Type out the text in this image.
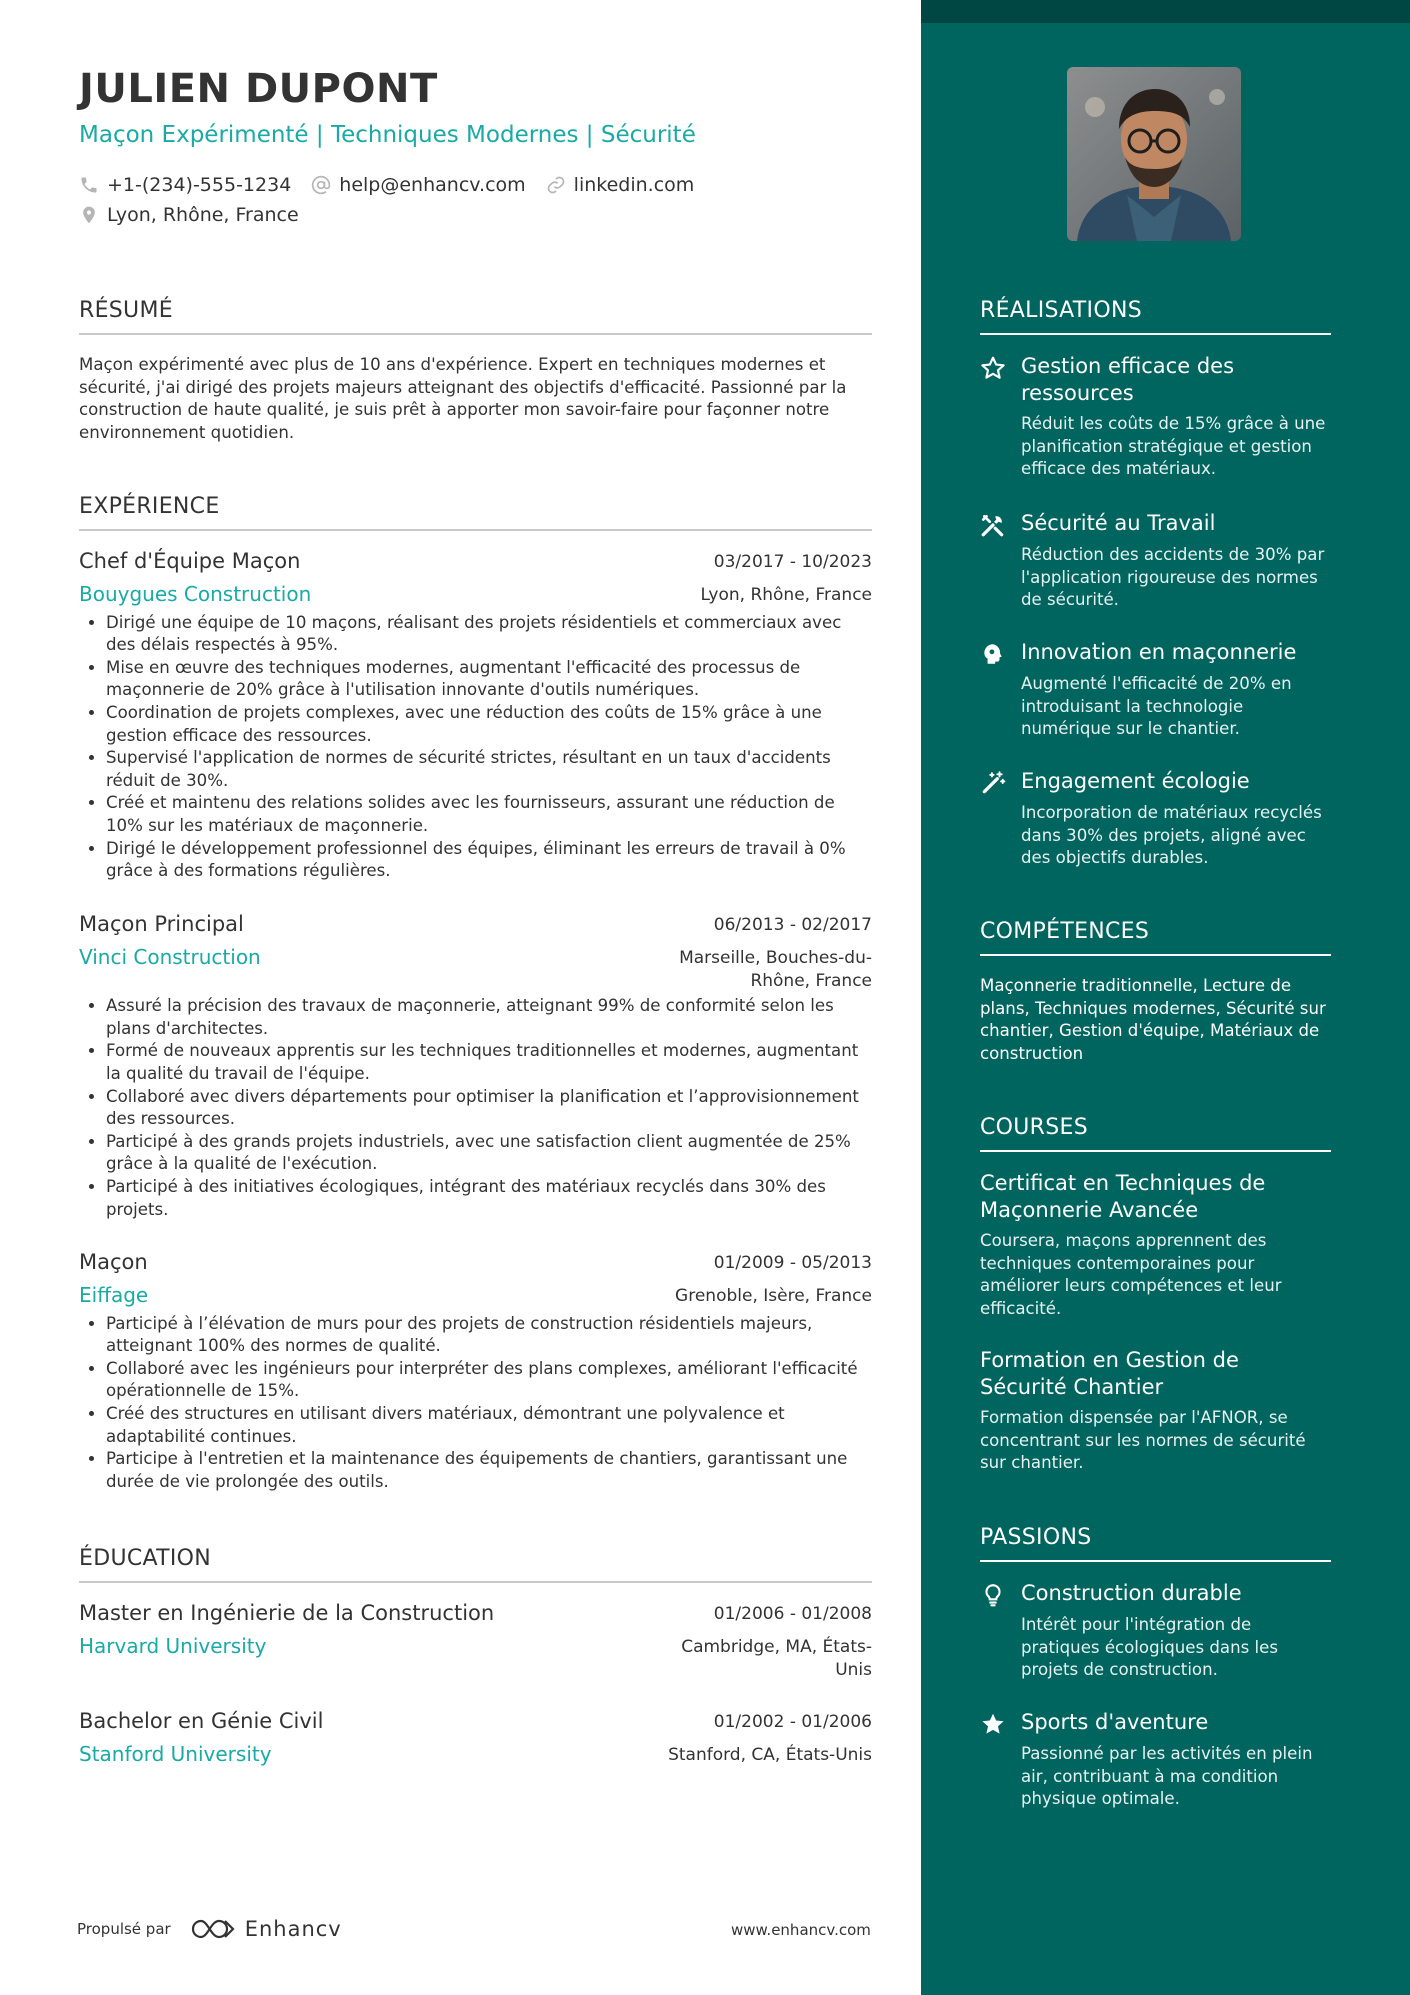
JULIEN DUPONT
Maçon Expérimenté | Techniques Modernes | Sécurité
+1-(234)-555-1234	help@enhancv.com	linkedin.com
Lyon, Rhône, France
RÉSUMÉ
Maçon expérimenté avec plus de 10 ans d'expérience. Expert en techniques modernes et sécurité, j'ai dirigé des projets majeurs atteignant des objectifs d'efficacité. Passionné par la construction de haute qualité, je suis prêt à apporter mon savoir-faire pour façonner notre environnement quotidien.
EXPÉRIENCE
Chef d'Équipe Maçon	03/2017 - 10/2023
Bouygues Construction	Lyon, Rhône, France
• Dirigé une équipe de 10 maçons, réalisant des projets résidentiels et commerciaux avec des délais respectés à 95%.
• Mise en œuvre des techniques modernes, augmentant l'efficacité des processus de maçonnerie de 20% grâce à l'utilisation innovante d'outils numériques.
• Coordination de projets complexes, avec une réduction des coûts de 15% grâce à une gestion efficace des ressources.
• Supervisé l'application de normes de sécurité strictes, résultant en un taux d'accidents réduit de 30%.
• Créé et maintenu des relations solides avec les fournisseurs, assurant une réduction de 10% sur les matériaux de maçonnerie.
• Dirigé le développement professionnel des équipes, éliminant les erreurs de travail à 0% grâce à des formations régulières.
Maçon Principal	06/2013 - 02/2017
Vinci Construction	Marseille, Bouches-du-
Rhône, France
• Assuré la précision des travaux de maçonnerie, atteignant 99% de conformité selon les plans d'architectes.
• Formé de nouveaux apprentis sur les techniques traditionnelles et modernes, augmentant la qualité du travail de l'équipe.
• Collaboré avec divers départements pour optimiser la planification et l’approvisionnement des ressources.
• Participé à des grands projets industriels, avec une satisfaction client augmentée de 25% grâce à la qualité de l'exécution.
• Participé à des initiatives écologiques, intégrant des matériaux recyclés dans 30% des projets.
Maçon	01/2009 - 05/2013
Eiffage	Grenoble, Isère, France
• Participé à l’élévation de murs pour des projets de construction résidentiels majeurs, atteignant 100% des normes de qualité.
• Collaboré avec les ingénieurs pour interpréter des plans complexes, améliorant l'efficacité opérationnelle de 15%.
• Créé des structures en utilisant divers matériaux, démontrant une polyvalence et adaptabilité continues.
• Participe à l'entretien et la maintenance des équipements de chantiers, garantissant une durée de vie prolongée des outils.
ÉDUCATION
Master en Ingénierie de la Construction	01/2006 - 01/2008
Harvard University	Cambridge, MA, États-
Unis
Bachelor en Génie Civil	01/2002 - 01/2006
Stanford University	Stanford, CA, États-Unis
Propulsé par	Enhancv	www.enhancv.com
RÉALISATIONS
Gestion efficace des ressources
Réduit les coûts de 15% grâce à une planification stratégique et gestion efficace des matériaux.
Sécurité au Travail
Réduction des accidents de 30% par l'application rigoureuse des normes de sécurité.
Innovation en maçonnerie
Augmenté l'efficacité de 20% en introduisant la technologie numérique sur le chantier.
Engagement écologie
Incorporation de matériaux recyclés dans 30% des projets, aligné avec des objectifs durables.
COMPÉTENCES
Maçonnerie traditionnelle, Lecture de plans, Techniques modernes, Sécurité sur chantier, Gestion d'équipe, Matériaux de construction
COURSES
Certificat en Techniques de Maçonnerie Avancée
Coursera, maçons apprennent des techniques contemporaines pour améliorer leurs compétences et leur efficacité.
Formation en Gestion de Sécurité Chantier
Formation dispensée par l'AFNOR, se concentrant sur les normes de sécurité sur chantier.
PASSIONS
Construction durable
Intérêt pour l'intégration de pratiques écologiques dans les projets de construction.
Sports d'aventure
Passionné par les activités en plein air, contribuant à ma condition physique optimale.
